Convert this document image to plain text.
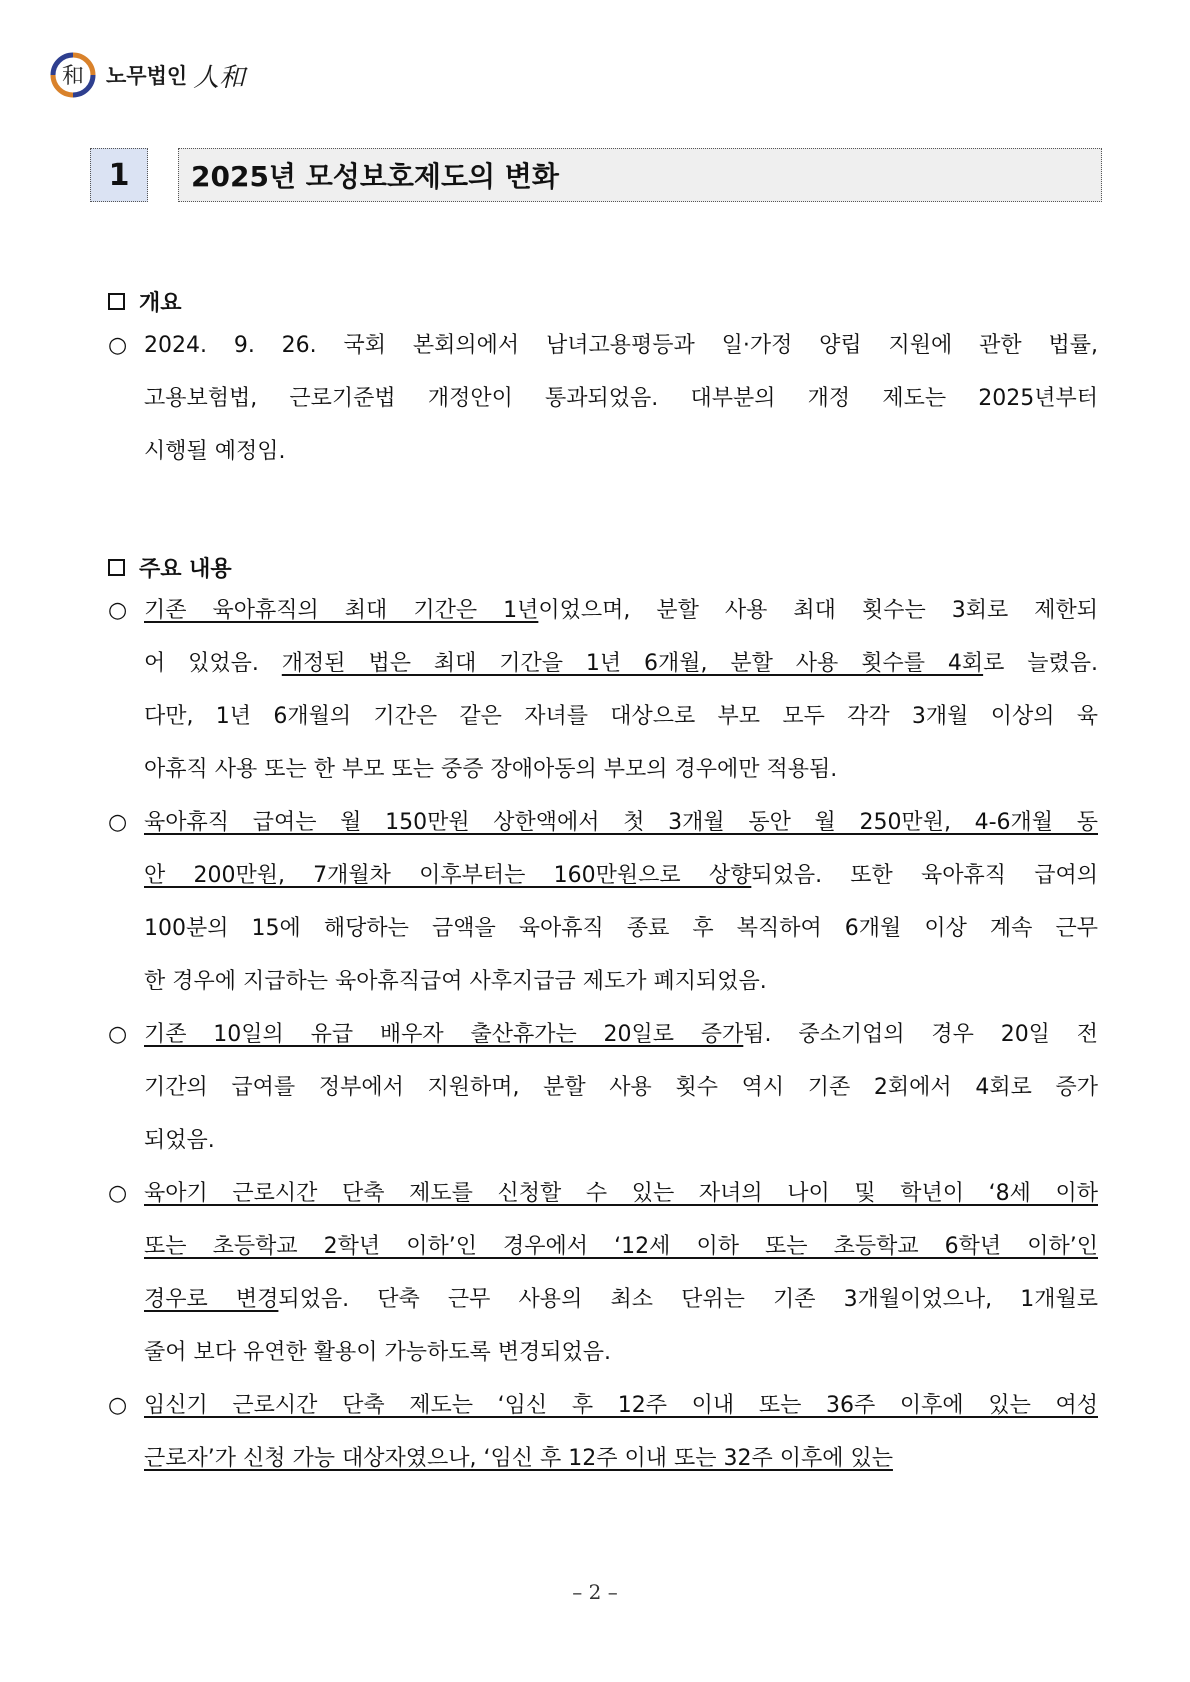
和 노무법인 人和
1	2025년 모성보호제도의 변화
개요
○ 2024. 9. 26. 국회 본회의에서 남녀고용평등과 일·가정 양립 지원에 관한 법률,
고용보험법, 근로기준법 개정안이 통과되었음. 대부분의 개정 제도는 2025년부터
시행될 예정임.
주요 내용
○ 기존 육아휴직의 최대 기간은 1년이었으며, 분할 사용 최대 횟수는 3회로 제한되
어 있었음. 개정된 법은 최대 기간을 1년 6개월, 분할 사용 횟수를 4회로 늘렸음.
다만, 1년 6개월의 기간은 같은 자녀를 대상으로 부모 모두 각각 3개월 이상의 육
아휴직 사용 또는 한 부모 또는 중증 장애아동의 부모의 경우에만 적용됨.
○ 육아휴직 급여는 월 150만원 상한액에서 첫 3개월 동안 월 250만원, 4-6개월 동
안 200만원, 7개월차 이후부터는 160만원으로 상향되었음. 또한 육아휴직 급여의
100분의 15에 해당하는 금액을 육아휴직 종료 후 복직하여 6개월 이상 계속 근무
한 경우에 지급하는 육아휴직급여 사후지급금 제도가 폐지되었음.
○ 기존 10일의 유급 배우자 출산휴가는 20일로 증가됨. 중소기업의 경우 20일 전
기간의 급여를 정부에서 지원하며, 분할 사용 횟수 역시 기존 2회에서 4회로 증가
되었음.
○ 육아기 근로시간 단축 제도를 신청할 수 있는 자녀의 나이 및 학년이 ‘8세 이하
또는 초등학교 2학년 이하’인 경우에서 ‘12세 이하 또는 초등학교 6학년 이하’인
경우로 변경되었음. 단축 근무 사용의 최소 단위는 기존 3개월이었으나, 1개월로
줄어 보다 유연한 활용이 가능하도록 변경되었음.
○ 임신기 근로시간 단축 제도는 ‘임신 후 12주 이내 또는 36주 이후에 있는 여성
근로자’가 신청 가능 대상자였으나, ‘임신 후 12주 이내 또는 32주 이후에 있는
– 2 –
